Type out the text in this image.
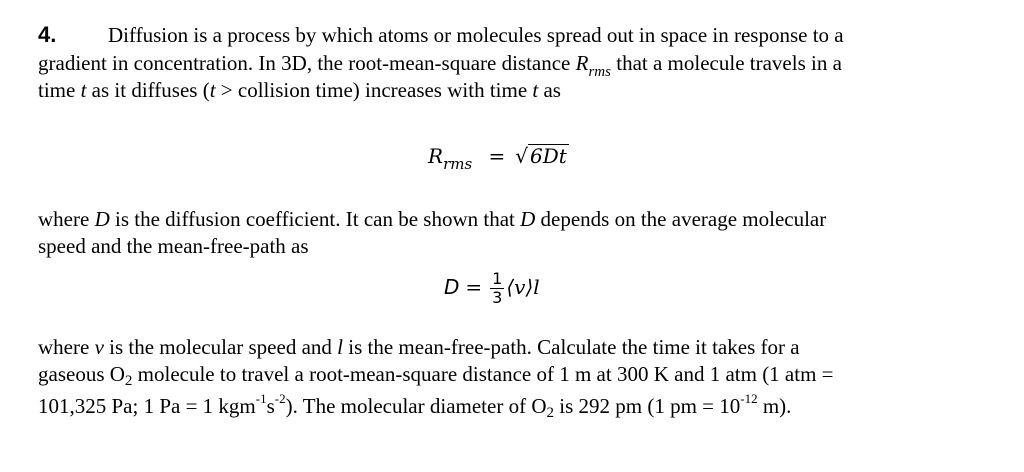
4. Diffusion is a process by which atoms or molecules spread out in space in response to a
gradient in concentration. In 3D, the root-mean-square distance $R_{rms}$ that a molecule travels in a
time t as it diffuses (t > collision time) increases with time t as
$R_{rms}$ = √ 6Dt
where D is the diffusion coefficient. It can be shown that D depends on the average molecular
speed and the mean-free-path as
$D = \frac{1}{3}$ ⟨v⟩l
where v is the molecular speed and l is the mean-free-path. Calculate the time it takes for a
gaseous O2 molecule to travel a root-mean-square distance of 1 m at 300 K and 1 atm (1 atm =
101,325 Pa; 1 Pa = 1 $kgm^{-1}s^{-2}$). The molecular diameter of O2 is 292 pm (1 pm = $10^{-12}$ m).
